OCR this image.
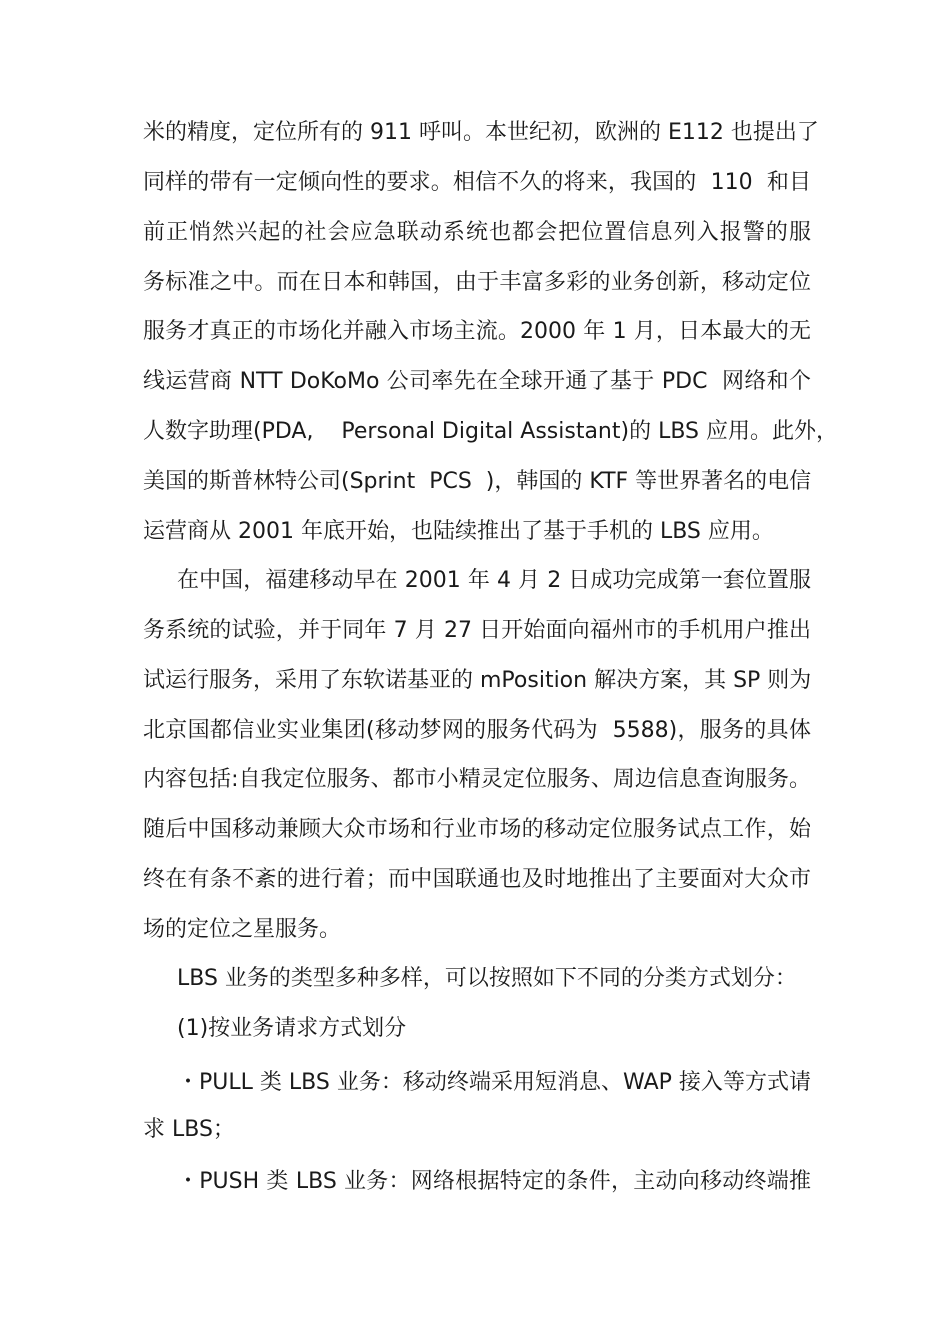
米的精度，定位所有的 911 呼叫。本世纪初，欧洲的 E112 也提出了
同样的带有一定倾向性的要求。相信不久的将来，我国的  110  和目
前正悄然兴起的社会应急联动系统也都会把位置信息列入报警的服
务标准之中。而在日本和韩国，由于丰富多彩的业务创新，移动定位
服务才真正的市场化并融入市场主流。2000 年 1 月，日本最大的无
线运营商 NTT DoKoMo 公司率先在全球开通了基于 PDC  网络和个
人数字助理(PDA,    Personal Digital Assistant)的 LBS 应用。此外，
美国的斯普林特公司(Sprint  PCS  )，韩国的 KTF 等世界著名的电信
运营商从 2001 年底开始，也陆续推出了基于手机的 LBS 应用。
在中国，福建移动早在 2001 年 4 月 2 日成功完成第一套位置服
务系统的试验，并于同年 7 月 27 日开始面向福州市的手机用户推出
试运行服务，采用了东软诺基亚的 mPosition 解决方案，其 SP 则为
北京国都信业实业集团(移动梦网的服务代码为  5588)，服务的具体
内容包括:自我定位服务、都市小精灵定位服务、周边信息查询服务。
随后中国移动兼顾大众市场和行业市场的移动定位服务试点工作，始
终在有条不紊的进行着；而中国联通也及时地推出了主要面对大众市
场的定位之星服务。
LBS 业务的类型多种多样，可以按照如下不同的分类方式划分：
(1)按业务请求方式划分
・PULL 类 LBS 业务：移动终端采用短消息、WAP 接入等方式请
求 LBS；
・PUSH 类 LBS 业务：网络根据特定的条件，主动向移动终端推
